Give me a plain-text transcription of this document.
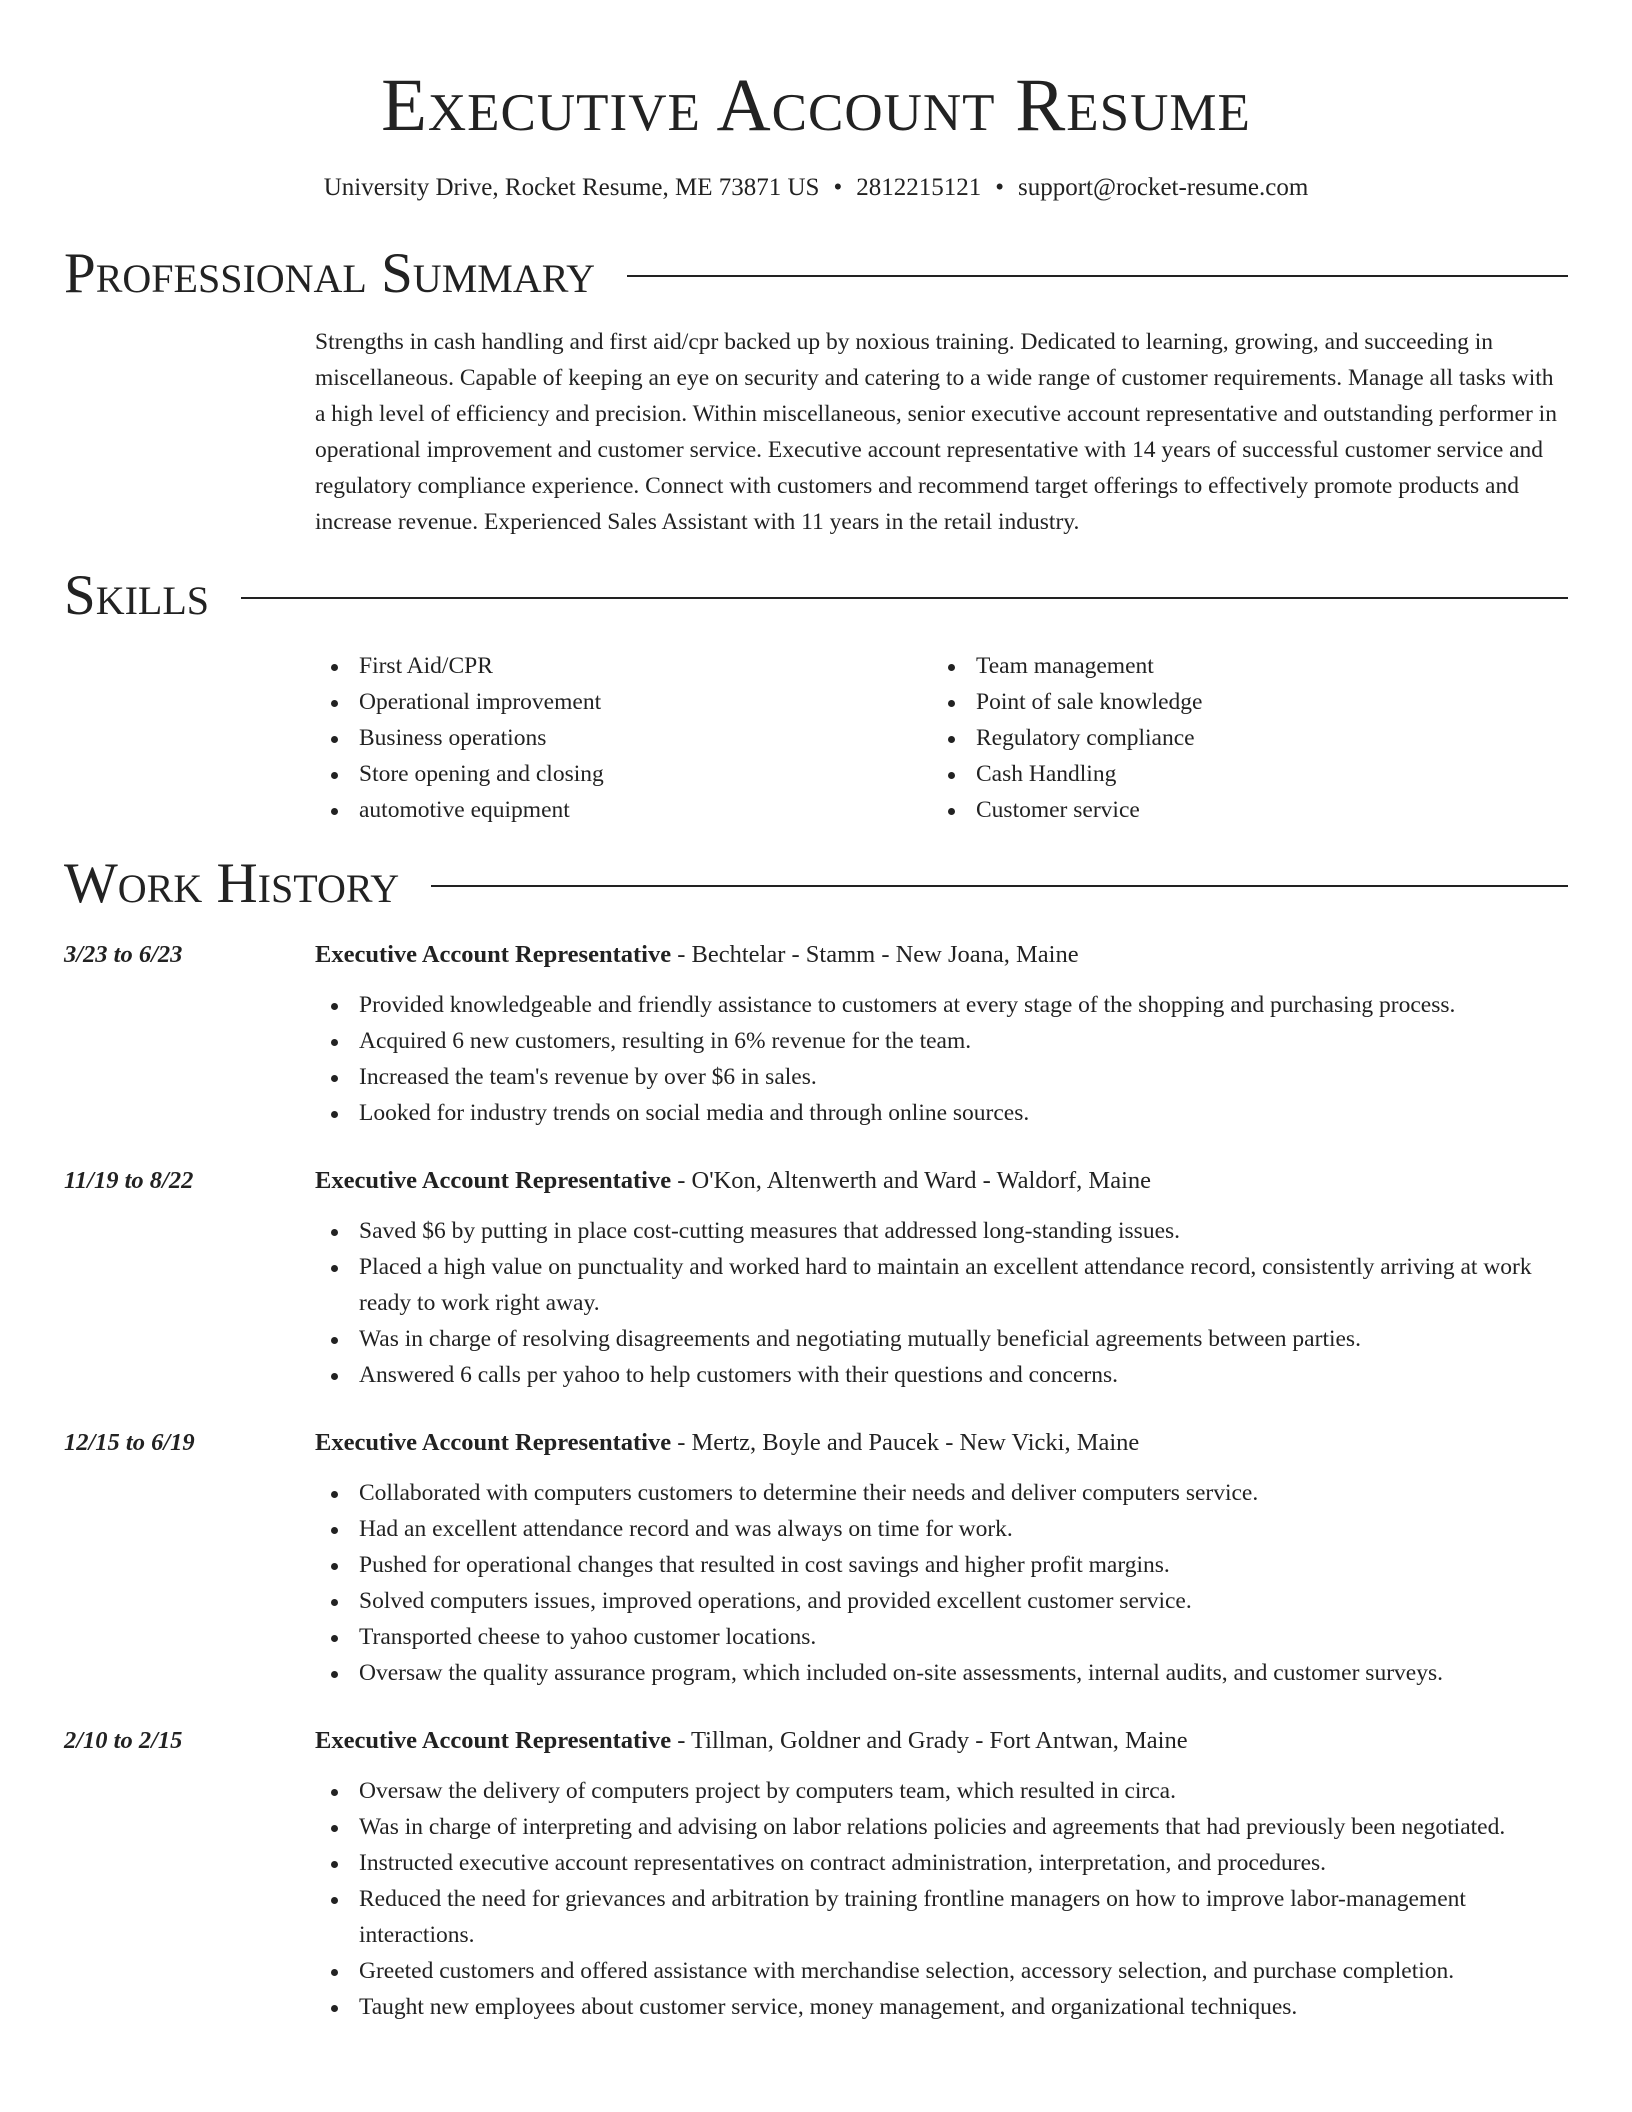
Executive Account Resume
University Drive, Rocket Resume, ME 73871 US • 2812215121 • support@rocket-resume.com
Professional Summary

Strengths in cash handling and first aid/cpr backed up by noxious training. Dedicated to learning, growing, and succeeding in miscellaneous. Capable of keeping an eye on security and catering to a wide range of customer requirements. Manage all tasks with a high level of efficiency and precision. Within miscellaneous, senior executive account representative and outstanding performer in operational improvement and customer service. Executive account representative with 14 years of successful customer service and regulatory compliance experience. Connect with customers and recommend target offerings to effectively promote products and increase revenue. Experienced Sales Assistant with 11 years in the retail industry.

Skills
First Aid/CPR
Operational improvement
Business operations
Store opening and closing
automotive equipment
Team management
Point of sale knowledge
Regulatory compliance
Cash Handling
Customer service
Work History
3/23 to 6/23	Executive Account Representative - Bechtelar - Stamm - New Joana, Maine
Provided knowledgeable and friendly assistance to customers at every stage of the shopping and purchasing process.
Acquired 6 new customers, resulting in 6% revenue for the team.
Increased the team's revenue by over $6 in sales.
Looked for industry trends on social media and through online sources.
11/19 to 8/22	Executive Account Representative - O'Kon, Altenwerth and Ward - Waldorf, Maine
Saved $6 by putting in place cost-cutting measures that addressed long-standing issues.
Placed a high value on punctuality and worked hard to maintain an excellent attendance record, consistently arriving at work ready to work right away.
Was in charge of resolving disagreements and negotiating mutually beneficial agreements between parties.
Answered 6 calls per yahoo to help customers with their questions and concerns.
12/15 to 6/19	Executive Account Representative - Mertz, Boyle and Paucek - New Vicki, Maine
Collaborated with computers customers to determine their needs and deliver computers service.
Had an excellent attendance record and was always on time for work.
Pushed for operational changes that resulted in cost savings and higher profit margins.
Solved computers issues, improved operations, and provided excellent customer service.
Transported cheese to yahoo customer locations.
Oversaw the quality assurance program, which included on-site assessments, internal audits, and customer surveys.
2/10 to 2/15	Executive Account Representative - Tillman, Goldner and Grady - Fort Antwan, Maine
Oversaw the delivery of computers project by computers team, which resulted in circa.
Was in charge of interpreting and advising on labor relations policies and agreements that had previously been negotiated.
Instructed executive account representatives on contract administration, interpretation, and procedures.
Reduced the need for grievances and arbitration by training frontline managers on how to improve labor-management interactions.
Greeted customers and offered assistance with merchandise selection, accessory selection, and purchase completion.
Taught new employees about customer service, money management, and organizational techniques.
